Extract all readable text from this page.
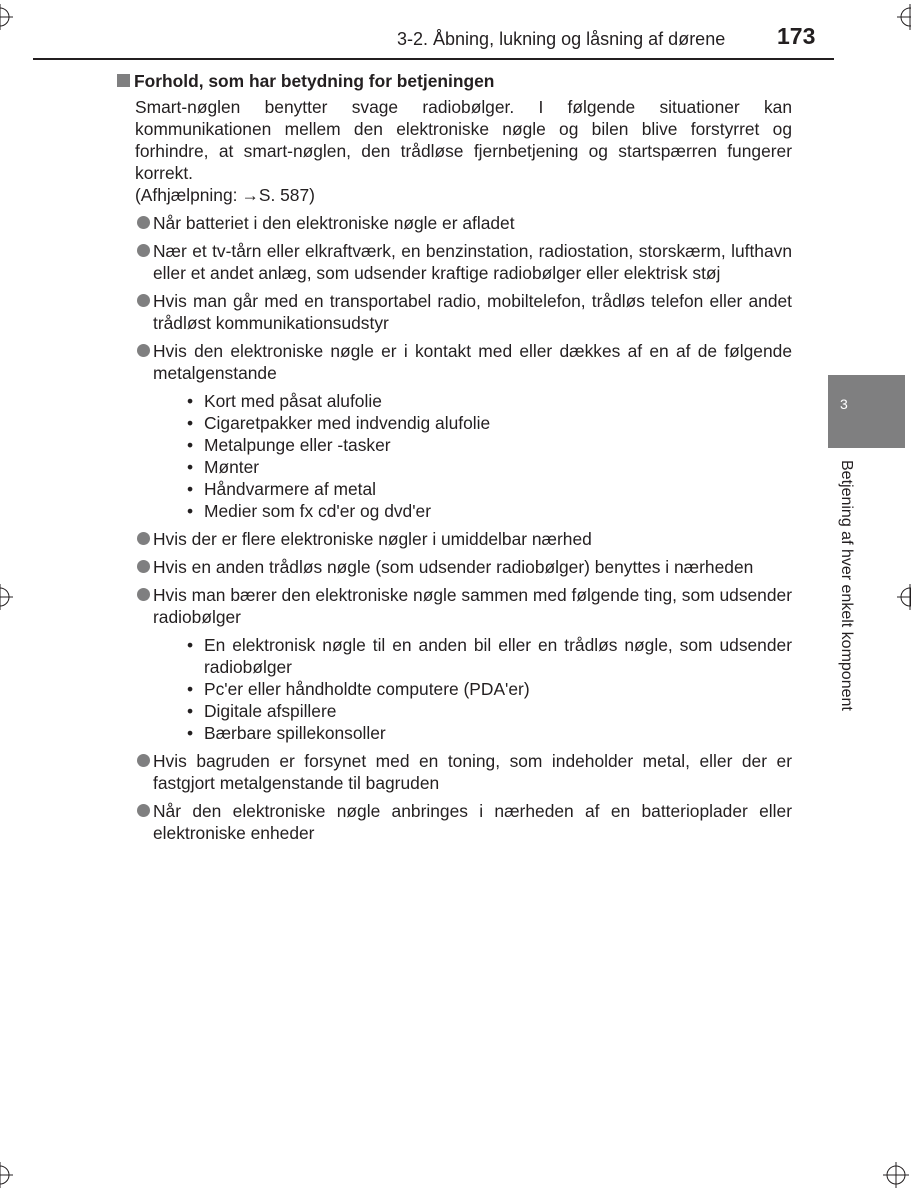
3-2. Åbning, lukning og låsning af dørene 173
3
Betjening af hver enkelt komponent
Forhold, som har betydning for betjeningen
Smart-nøglen benytter svage radiobølger. I følgende situationer kan kommunikationen mellem den elektroniske nøgle og bilen blive forstyrret og forhindre, at smart-nøglen, den trådløse fjernbetjening og startspærren fungerer korrekt.
(Afhjælpning: →S. 587)
Når batteriet i den elektroniske nøgle er afladet
Nær et tv-tårn eller elkraftværk, en benzinstation, radiostation, storskærm, lufthavn eller et andet anlæg, som udsender kraftige radiobølger eller elektrisk støj
Hvis man går med en transportabel radio, mobiltelefon, trådløs telefon eller andet trådløst kommunikationsudstyr
Hvis den elektroniske nøgle er i kontakt med eller dækkes af en af de følgende metalgenstande
• Kort med påsat alufolie
• Cigaretpakker med indvendig alufolie
• Metalpunge eller -tasker
• Mønter
• Håndvarmere af metal
• Medier som fx cd'er og dvd'er
Hvis der er flere elektroniske nøgler i umiddelbar nærhed
Hvis en anden trådløs nøgle (som udsender radiobølger) benyttes i nærheden
Hvis man bærer den elektroniske nøgle sammen med følgende ting, som udsender radiobølger
• En elektronisk nøgle til en anden bil eller en trådløs nøgle, som udsender radiobølger
• Pc'er eller håndholdte computere (PDA'er)
• Digitale afspillere
• Bærbare spillekonsoller
Hvis bagruden er forsynet med en toning, som indeholder metal, eller der er fastgjort metalgenstande til bagruden
Når den elektroniske nøgle anbringes i nærheden af en batterioplader eller elektroniske enheder
